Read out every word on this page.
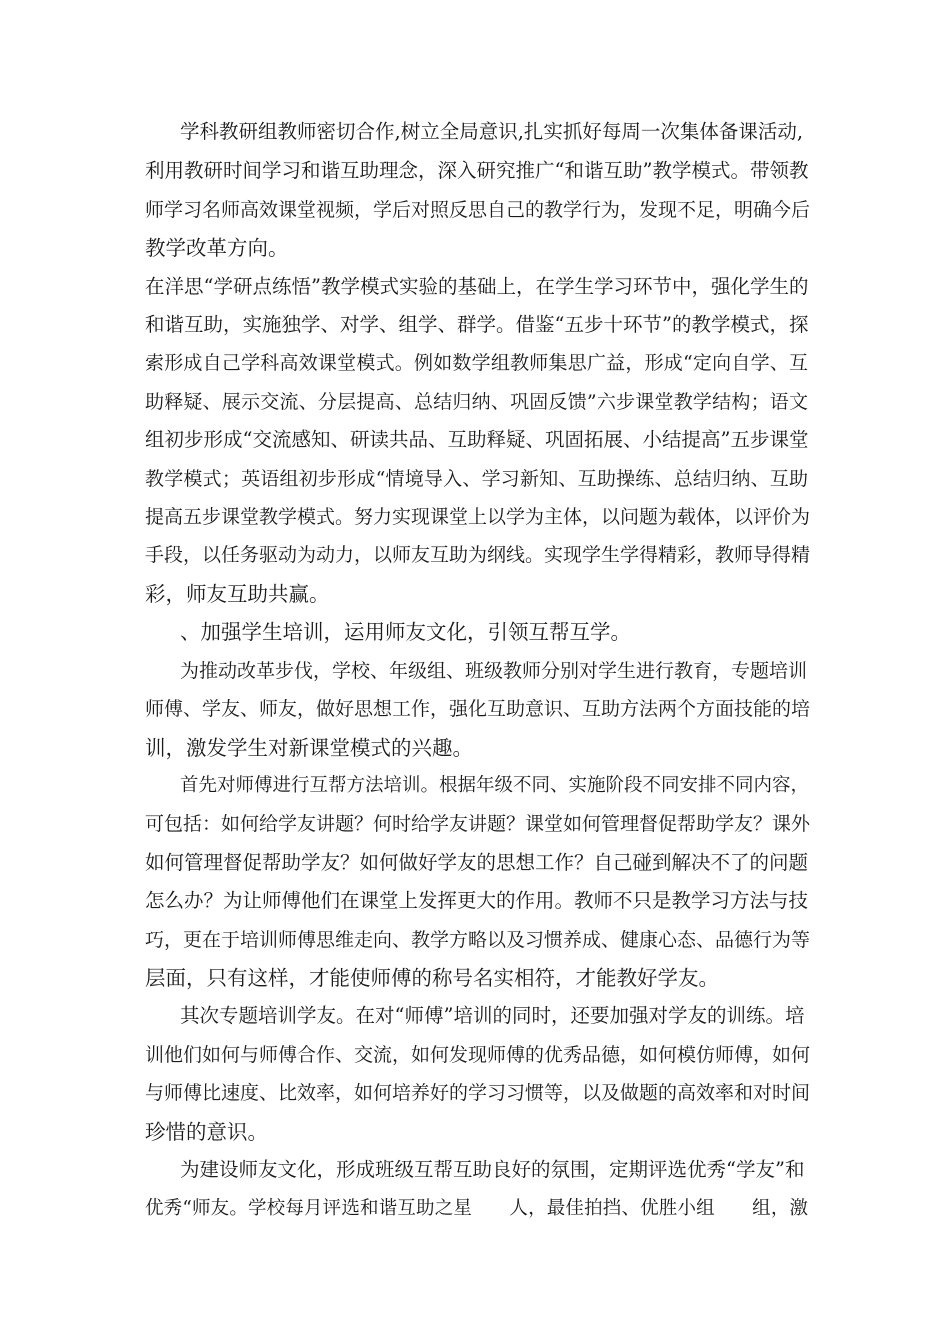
学科教研组教师密切合作,树立全局意识,扎实抓好每周一次集体备课活动,
利用教研时间学习和谐互助理念，深入研究推广“和谐互助”教学模式。带领教
师学习名师高效课堂视频，学后对照反思自己的教学行为，发现不足，明确今后
教学改革方向。
在洋思“学研点练悟”教学模式实验的基础上，在学生学习环节中，强化学生的
和谐互助，实施独学、对学、组学、群学。借鉴“五步十环节”的教学模式，探
索形成自己学科高效课堂模式。例如数学组教师集思广益，形成“定向自学、互
助释疑、展示交流、分层提高、总结归纳、巩固反馈”六步课堂教学结构；语文
组初步形成“交流感知、研读共品、互助释疑、巩固拓展、小结提高”五步课堂
教学模式；英语组初步形成“情境导入、学习新知、互助操练、总结归纳、互助
提高五步课堂教学模式。努力实现课堂上以学为主体，以问题为载体，以评价为
手段，以任务驱动为动力，以师友互助为纲线。实现学生学得精彩，教师导得精
彩，师友互助共赢。
、加强学生培训，运用师友文化，引领互帮互学。
为推动改革步伐，学校、年级组、班级教师分别对学生进行教育，专题培训
师傅、学友、师友，做好思想工作，强化互助意识、互助方法两个方面技能的培
训，激发学生对新课堂模式的兴趣。
首先对师傅进行互帮方法培训。根据年级不同、实施阶段不同安排不同内容，
可包括：如何给学友讲题？何时给学友讲题？课堂如何管理督促帮助学友？课外
如何管理督促帮助学友？如何做好学友的思想工作？自己碰到解决不了的问题
怎么办？为让师傅他们在课堂上发挥更大的作用。教师不只是教学习方法与技
巧，更在于培训师傅思维走向、教学方略以及习惯养成、健康心态、品德行为等
层面，只有这样，才能使师傅的称号名实相符，才能教好学友。
其次专题培训学友。在对“师傅”培训的同时，还要加强对学友的训练。培
训他们如何与师傅合作、交流，如何发现师傅的优秀品德，如何模仿师傅，如何
与师傅比速度、比效率，如何培养好的学习习惯等，以及做题的高效率和对时间
珍惜的意识。
为建设师友文化，形成班级互帮互助良好的氛围，定期评选优秀“学友”和
优秀“师友。学校每月评选和谐互助之星　　人，最佳拍挡、优胜小组　　组，激
